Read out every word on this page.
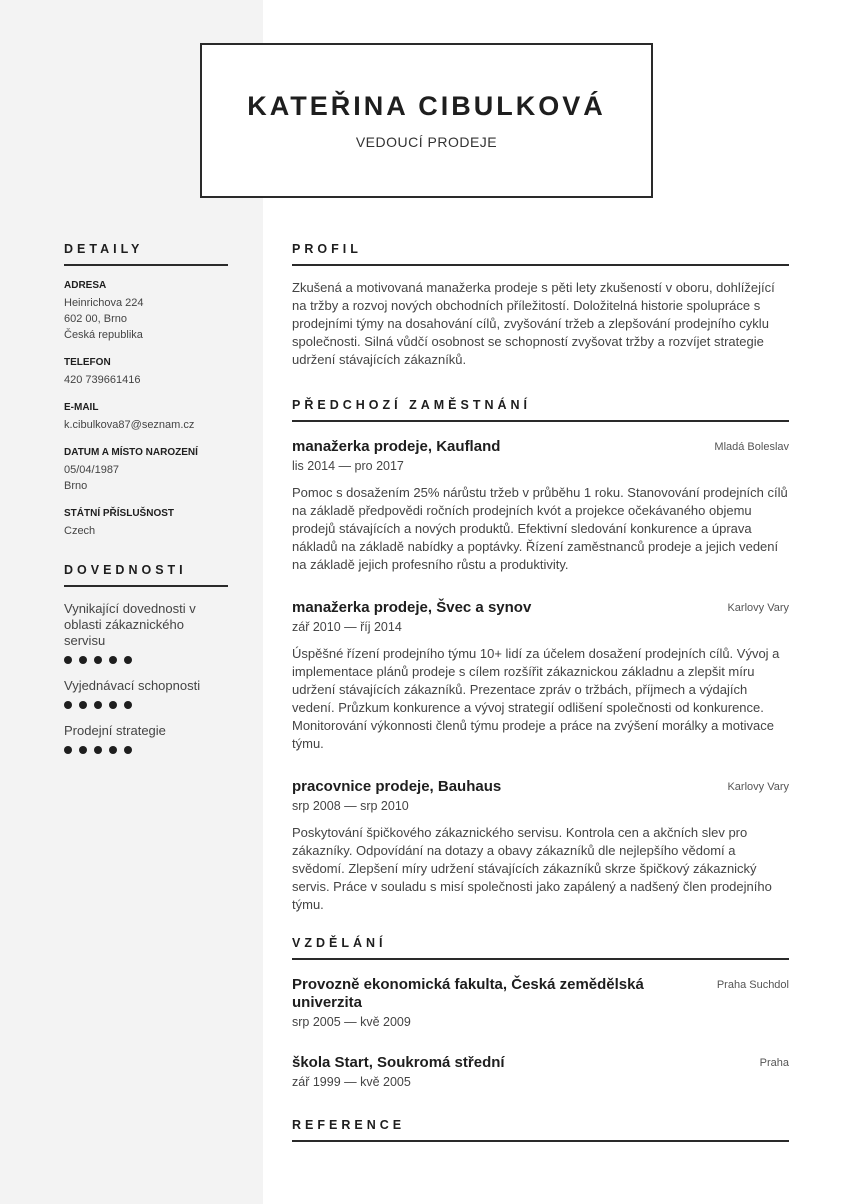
KATEŘINA CIBULKOVÁ
VEDOUCÍ PRODEJE
DETAILY
ADRESA
Heinrichova 224
602 00, Brno
Česká republika
TELEFON
420 739661416
E-MAIL
k.cibulkova87@seznam.cz
DATUM A MÍSTO NAROZENÍ
05/04/1987
Brno
STÁTNÍ PŘÍSLUŠNOST
Czech
DOVEDNOSTI
Vynikající dovednosti v oblasti zákaznického servisu
Vyjednávací schopnosti
Prodejní strategie
PROFIL
Zkušená a motivovaná manažerka prodeje s pěti lety zkušeností v oboru, dohlížející na tržby a rozvoj nových obchodních příležitostí. Doložitelná historie spolupráce s prodejními týmy na dosahování cílů, zvyšování tržeb a zlepšování prodejního cyklu společnosti. Silná vůdčí osobnost se schopností zvyšovat tržby a rozvíjet strategie udržení stávajících zákazníků.
PŘEDCHOZÍ ZAMĚSTNÁNÍ
manažerka prodeje, Kaufland	Mladá Boleslav
lis 2014 — pro 2017
Pomoc s dosažením 25% nárůstu tržeb v průběhu 1 roku. Stanovování prodejních cílů na základě předpovědi ročních prodejních kvót a projekce očekávaného objemu prodejů stávajících a nových produktů. Efektivní sledování konkurence a úprava nákladů na základě nabídky a poptávky. Řízení zaměstnanců prodeje a jejich vedení na základě jejich profesního růstu a produktivity.
manažerka prodeje, Švec a synov	Karlovy Vary
zář 2010 — říj 2014
Úspěšné řízení prodejního týmu 10+ lidí za účelem dosažení prodejních cílů. Vývoj a implementace plánů prodeje s cílem rozšířit zákaznickou základnu a zlepšit míru udržení stávajících zákazníků. Prezentace zpráv o tržbách, příjmech a výdajích vedení. Průzkum konkurence a vývoj strategií odlišení společnosti od konkurence. Monitorování výkonnosti členů týmu prodeje a práce na zvýšení morálky a motivace týmu.
pracovnice prodeje, Bauhaus	Karlovy Vary
srp 2008 — srp 2010
Poskytování špičkového zákaznického servisu. Kontrola cen a akčních slev pro zákazníky. Odpovídání na dotazy a obavy zákazníků dle nejlepšího vědomí a svědomí. Zlepšení míry udržení stávajících zákazníků skrze špičkový zákaznický servis. Práce v souladu s misí společnosti jako zapálený a nadšený člen prodejního týmu.
VZDĚLÁNÍ
Provozně ekonomická fakulta, Česká zemědělská univerzita
Praha Suchdol
srp 2005 — kvě 2009
škola Start, Soukromá střední	Praha
zář 1999 — kvě 2005
REFERENCE
